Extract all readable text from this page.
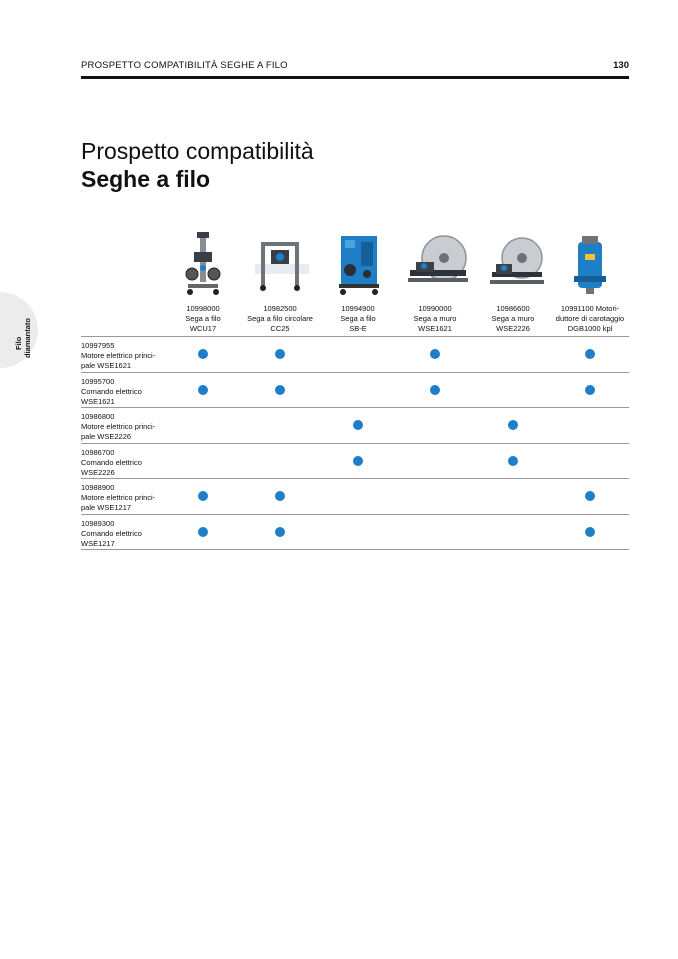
PROSPETTO COMPATIBILITÀ SEGHE A FILO	130
Prospetto compatibilità
Seghe a filo
Filo diamantato
10998000
Sega a filo
WCU17
10982500
Sega a filo circolare
CC25
10994900
Sega a filo
SB-E
10990000
Sega a muro
WSE1621
10986600
Sega a muro
WSE2226
10991100 Motori-
duttore di carotaggio
DGB1000 kpl
10997955
Motore elettrico princi-
pale WSE1621
10995700
Comando elettrico
WSE1621
10986800
Motore elettrico princi-
pale WSE2226
10986700
Comando elettrico
WSE2226
10988900
Motore elettrico princi-
pale WSE1217
10989300
Comando elettrico
WSE1217
